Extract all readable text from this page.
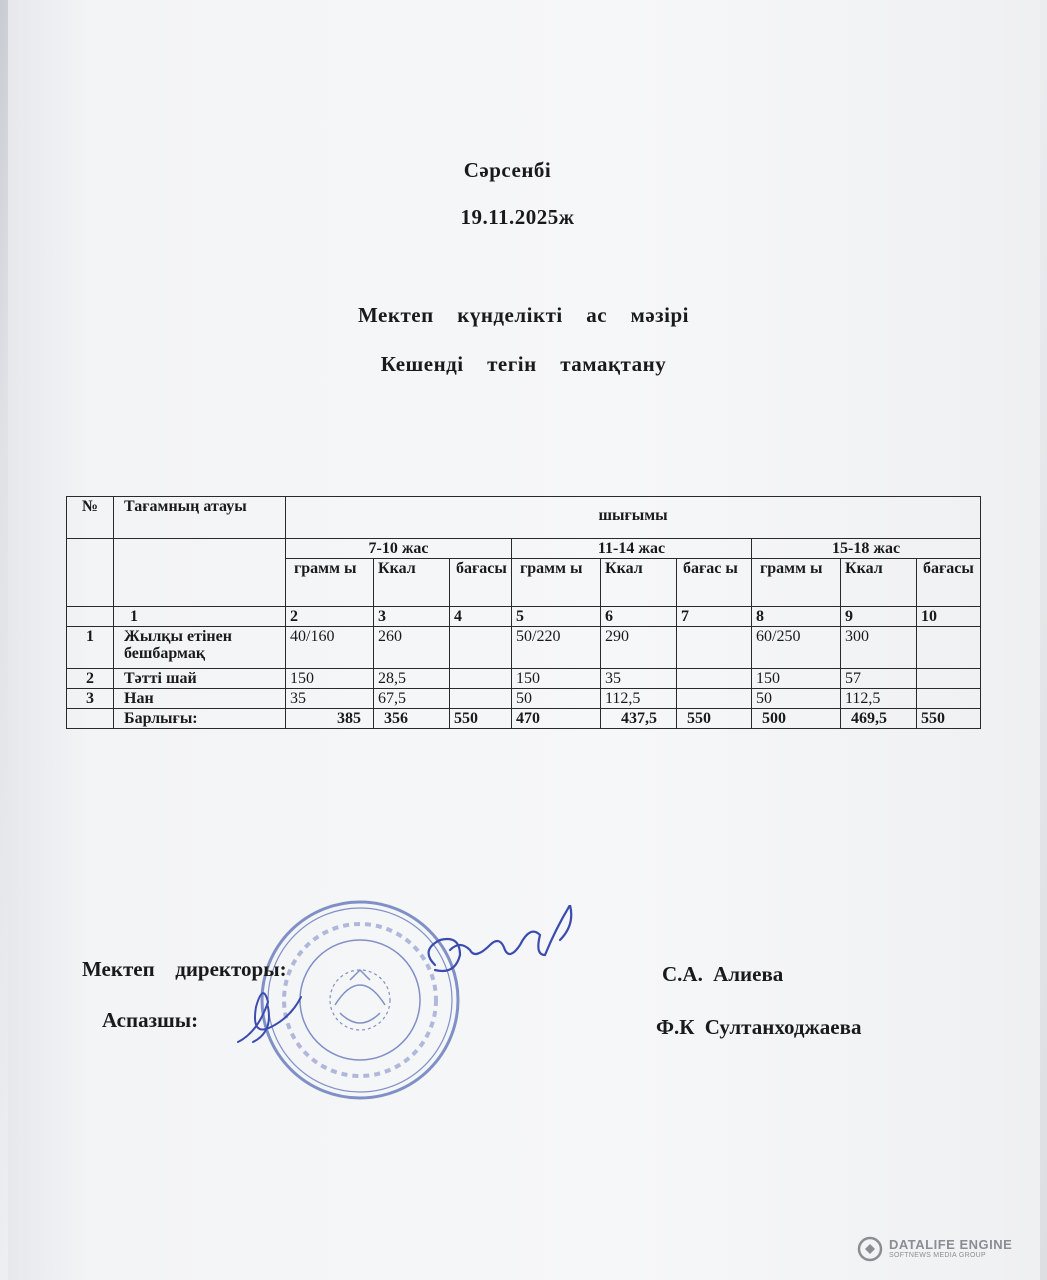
Сәрсенбі
19.11.2025ж
Мектеп  күнделікті  ас  мәзірі
Кешенді  тегін  тамақтану
№	Тағамның атауы	шығымы								
		7-10 жас			11-14 жас			15-18 жас		
		грамм ы	Ккал	бағасы	грамм ы	Ккал	бағас ы	грамм ы	Ккал	бағасы
	1	2	3	4	5	6	7	8	9	10
1	Жылқы етінен бешбармақ	40/160	260		50/220	290		60/250	300	
2	Тәтті шай	150	28,5		150	35		150	57	
3	Нан	35	67,5		50	112,5		50	112,5	
	Барлығы:	385	356	550	470	437,5	550	500	469,5	550
Мектеп  директоры:
Аспазшы:
С.А. Алиева
Ф.К Султанходжаева
DATALIFE ENGINE
SOFTNEWS MEDIA GROUP
